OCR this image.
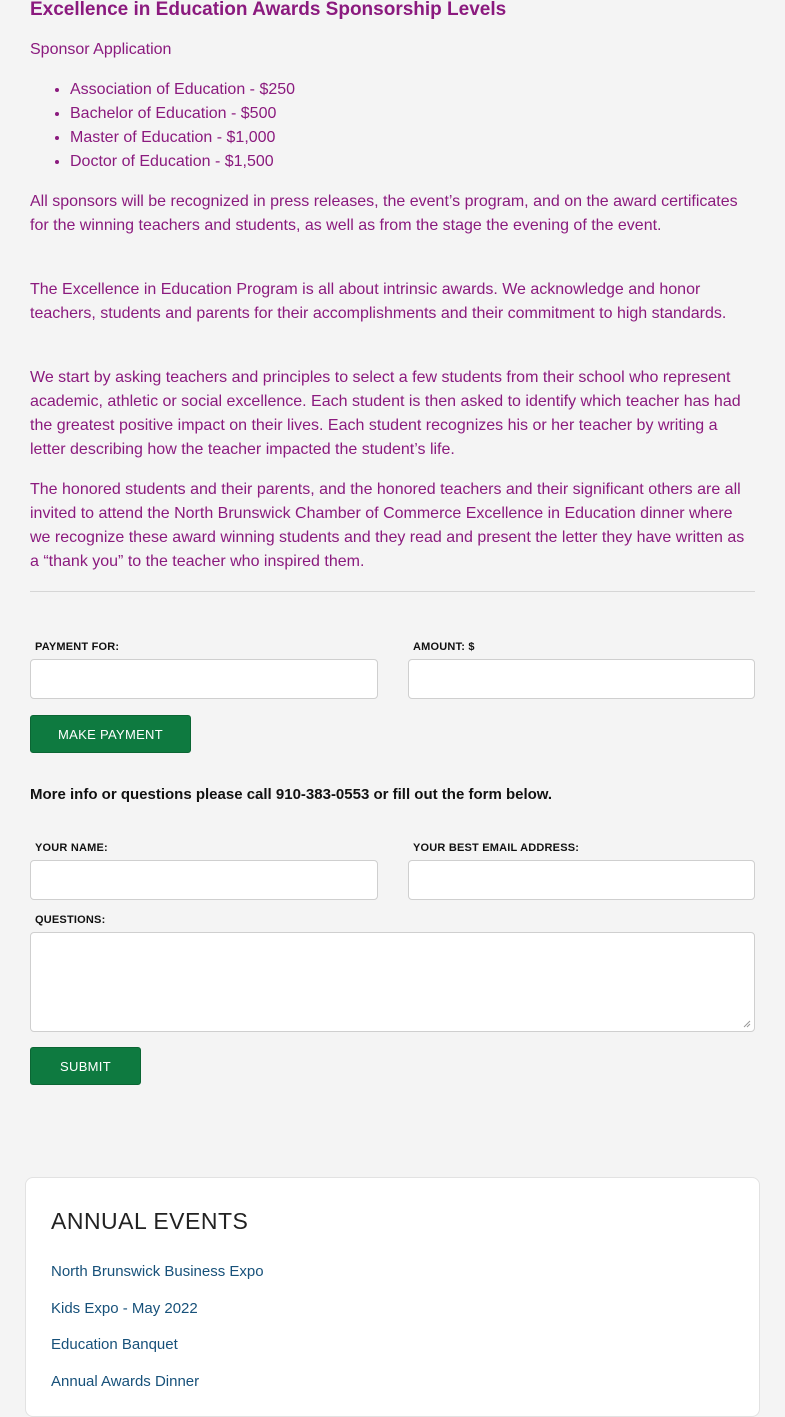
Excellence in Education Awards Sponsorship Levels
Sponsor Application
• Association of Education - $250
• Bachelor of Education - $500
• Master of Education - $1,000
• Doctor of Education - $1,500

All sponsors will be recognized in press releases, the event’s program, and on the award certificates for the winning teachers and students, as well as from the stage the evening of the event.

The Excellence in Education Program is all about intrinsic awards. We acknowledge and honor teachers, students and parents for their accomplishments and their commitment to high standards.

We start by asking teachers and principles to select a few students from their school who represent academic, athletic or social excellence. Each student is then asked to identify which teacher has had the greatest positive impact on their lives. Each student recognizes his or her teacher by writing a letter describing how the teacher impacted the student’s life.

The honored students and their parents, and the honored teachers and their significant others are all invited to attend the North Brunswick Chamber of Commerce Excellence in Education dinner where we recognize these award winning students and they read and present the letter they have written as a “thank you” to the teacher who inspired them.

PAYMENT FOR:	AMOUNT: $
MAKE PAYMENT
More info or questions please call 910-383-0553 or fill out the form below.
YOUR NAME:	YOUR BEST EMAIL ADDRESS:
QUESTIONS:
SUBMIT
ANNUAL EVENTS
North Brunswick Business Expo
Kids Expo - May 2022
Education Banquet
Annual Awards Dinner
